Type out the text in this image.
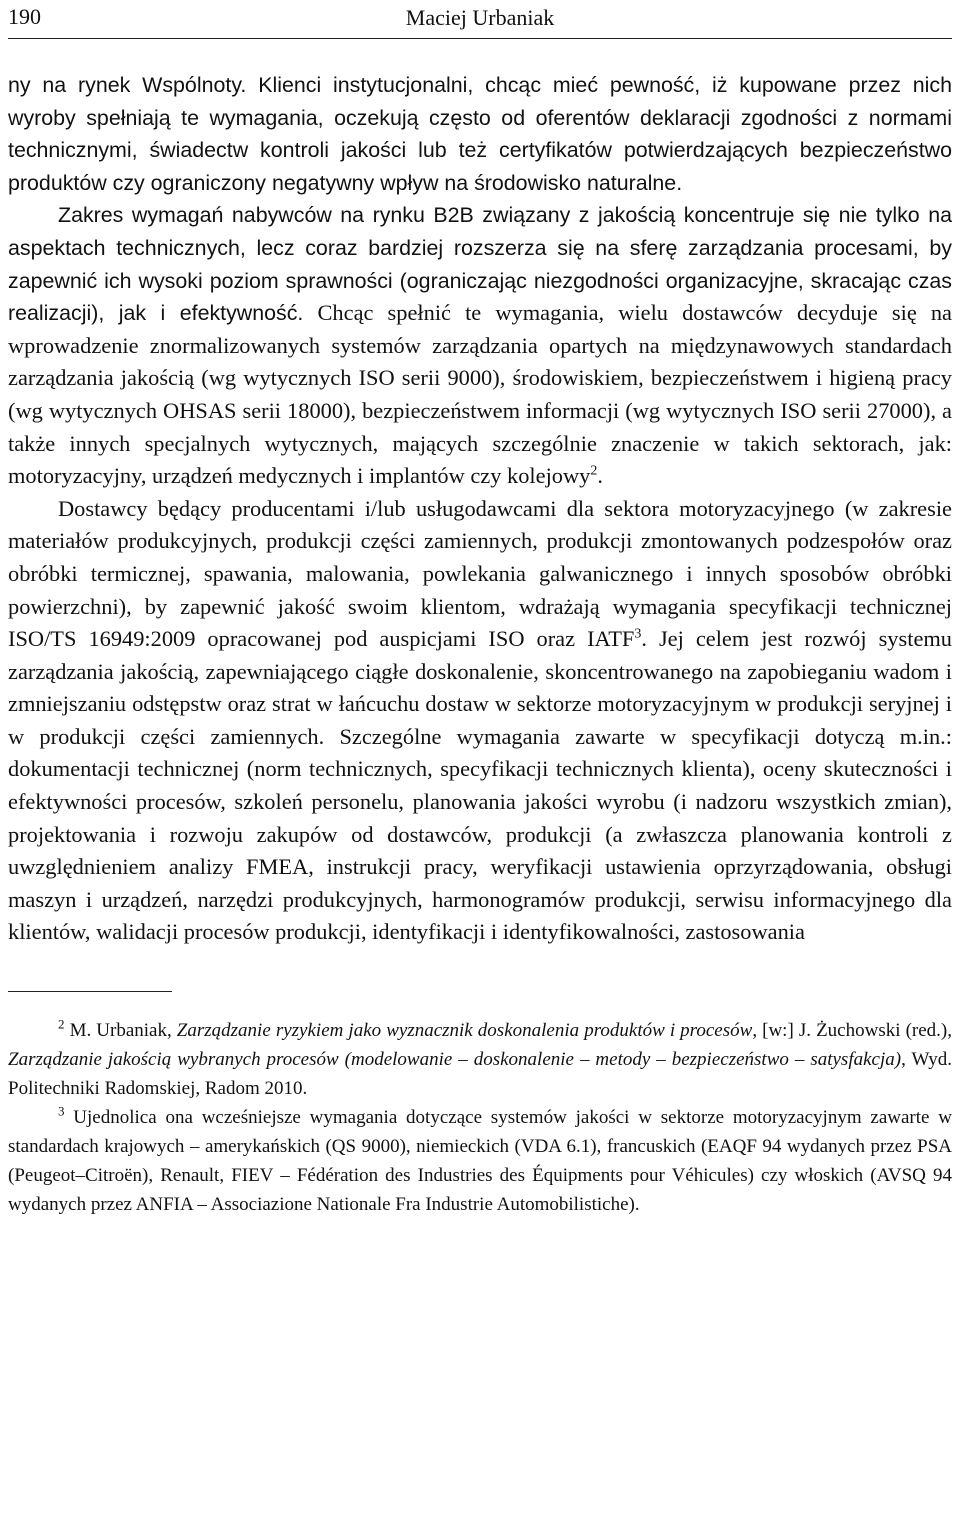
190	Maciej Urbaniak

ny na rynek Wspólnoty. Klienci instytucjonalni, chcąc mieć pewność, iż kupowane przez nich wyroby spełniają te wymagania, oczekują często od oferentów deklaracji zgodności z normami technicznymi, świadectw kontroli jakości lub też certyfikatów potwierdzających bezpieczeństwo produktów czy ograniczony negatywny wpływ na środowisko naturalne.

Zakres wymagań nabywców na rynku B2B związany z jakością koncentruje się nie tylko na aspektach technicznych, lecz coraz bardziej rozszerza się na sferę zarządzania procesami, by zapewnić ich wysoki poziom sprawności (ograniczając niezgodności organizacyjne, skracając czas realizacji), jak i efektywność. Chcąc spełnić te wymagania, wielu dostawców decyduje się na wprowadzenie znormalizowanych systemów zarządzania opartych na międzynawowych standardach zarządzania jakością (wg wytycznych ISO serii 9000), środowiskiem, bezpieczeństwem i higieną pracy (wg wytycznych OHSAS serii 18000), bezpieczeństwem informacji (wg wytycznych ISO serii 27000), a także innych specjalnych wytycznych, mających szczególnie znaczenie w takich sektorach, jak: motoryzacyjny, urządzeń medycznych i implantów czy kolejowy$^2$.

Dostawcy będący producentami i/lub usługodawcami dla sektora motoryzacyjnego (w zakresie materiałów produkcyjnych, produkcji części zamiennych, produkcji zmontowanych podzespołów oraz obróbki termicznej, spawania, malowania, powlekania galwanicznego i innych sposobów obróbki powierzchni), by zapewnić jakość swoim klientom, wdrażają wymagania specyfikacji technicznej ISO/TS 16949:2009 opracowanej pod auspicjami ISO oraz IATF$^3$. Jej celem jest rozwój systemu zarządzania jakością, zapewniającego ciągłe doskonalenie, skoncentrowanego na zapobieganiu wadom i zmniejszaniu odstępstw oraz strat w łańcuchu dostaw w sektorze motoryzacyjnym w produkcji seryjnej i w produkcji części zamiennych. Szczególne wymagania zawarte w specyfikacji dotyczą m.in.: dokumentacji technicznej (norm technicznych, specyfikacji technicznych klienta), oceny skuteczności i efektywności procesów, szkoleń personelu, planowania jakości wyrobu (i nadzoru wszystkich zmian), projektowania i rozwoju zakupów od dostawców, produkcji (a zwłaszcza planowania kontroli z uwzględnieniem analizy FMEA, instrukcji pracy, weryfikacji ustawienia oprzyrządowania, obsługi maszyn i urządzeń, narzędzi produkcyjnych, harmonogramów produkcji, serwisu informacyjnego dla klientów, walidacji procesów produkcji, identyfikacji i identyfikowalności, zastosowania

$^2$ M. Urbaniak, Zarządzanie ryzykiem jako wyznacznik doskonalenia produktów i procesów, [w:] J. Żuchowski (red.), Zarządzanie jakością wybranych procesów (modelowanie – doskonalenie – metody – bezpieczeństwo – satysfakcja), Wyd. Politechniki Radomskiej, Radom 2010.

$^3$ Ujednolica ona wcześniejsze wymagania dotyczące systemów jakości w sektorze motoryzacyjnym zawarte w standardach krajowych – amerykańskich (QS 9000), niemieckich (VDA 6.1), francuskich (EAQF 94 wydanych przez PSA (Peugeot–Citroën), Renault, FIEV – Fédération des Industries des Équipments pour Véhicules) czy włoskich (AVSQ 94 wydanych przez ANFIA – Associazione Nationale Fra Industrie Automobilistiche).
